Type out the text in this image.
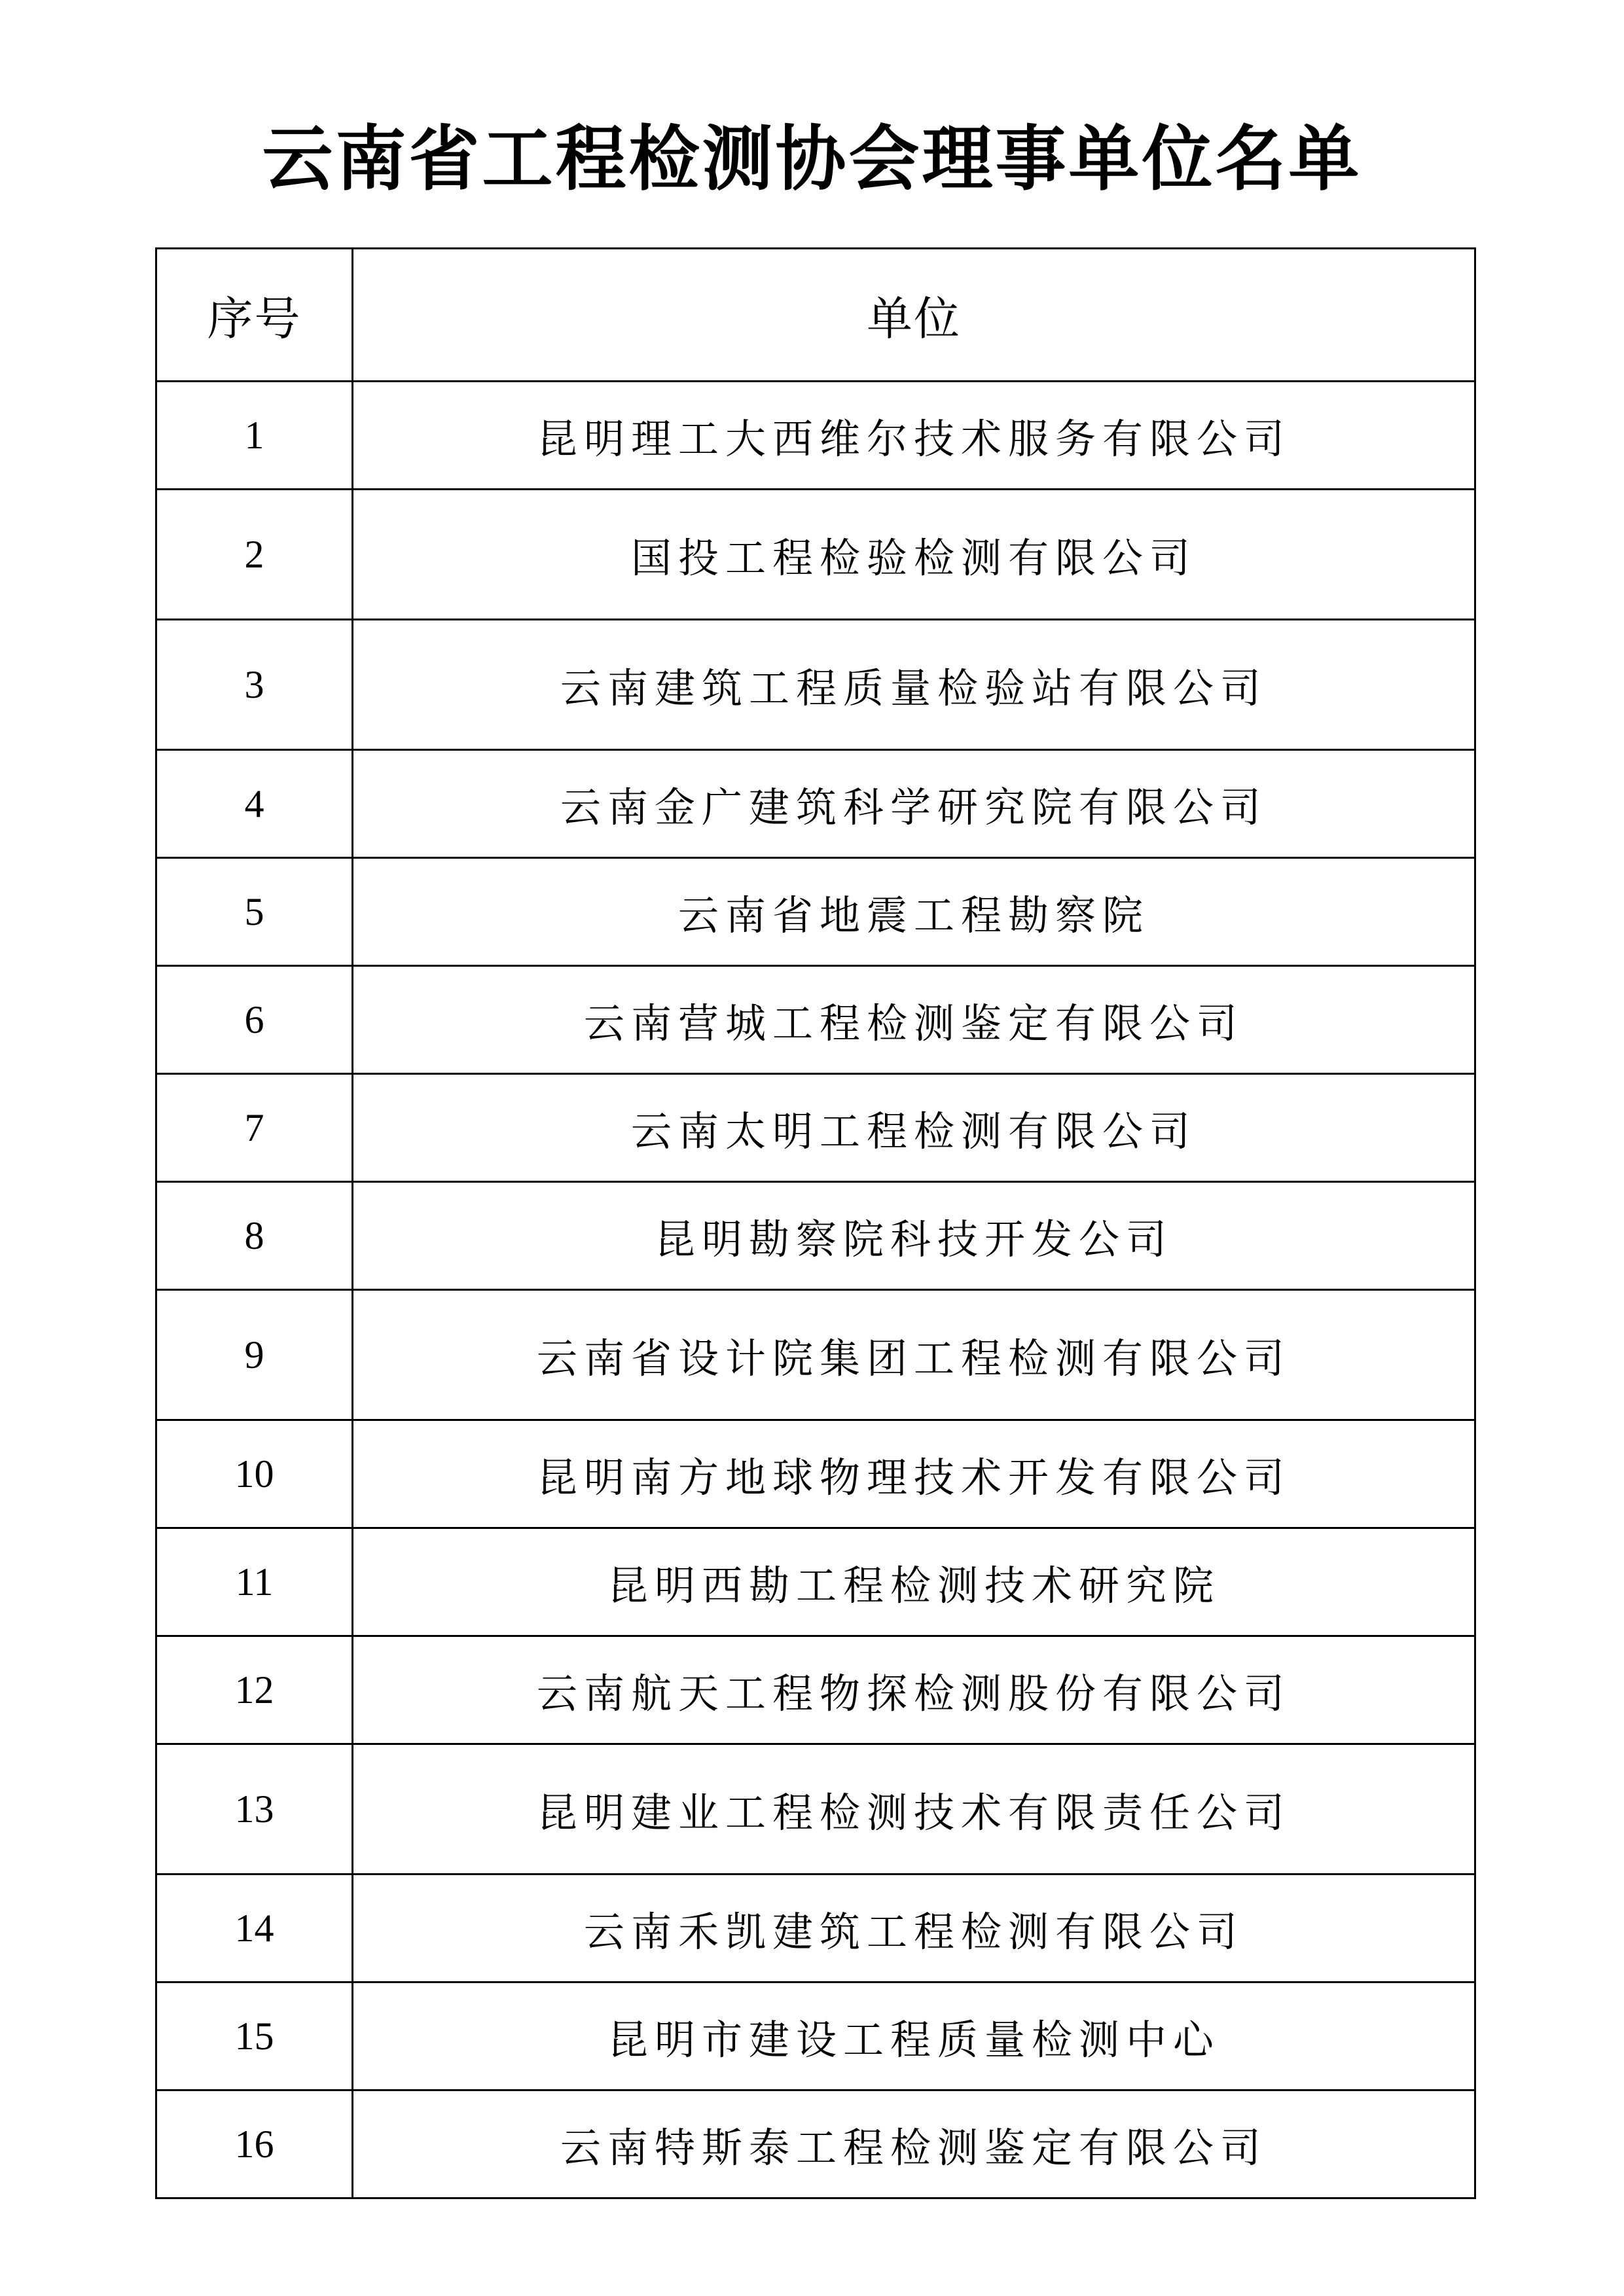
云南省工程检测协会理事单位名单
序号	单位
1	昆明理工大西维尔技术服务有限公司
2	国投工程检验检测有限公司
3	云南建筑工程质量检验站有限公司
4	云南金广建筑科学研究院有限公司
5	云南省地震工程勘察院
6	云南营城工程检测鉴定有限公司
7	云南太明工程检测有限公司
8	昆明勘察院科技开发公司
9	云南省设计院集团工程检测有限公司
10	昆明南方地球物理技术开发有限公司
11	昆明西勘工程检测技术研究院
12	云南航天工程物探检测股份有限公司
13	昆明建业工程检测技术有限责任公司
14	云南禾凯建筑工程检测有限公司
15	昆明市建设工程质量检测中心
16	云南特斯泰工程检测鉴定有限公司
